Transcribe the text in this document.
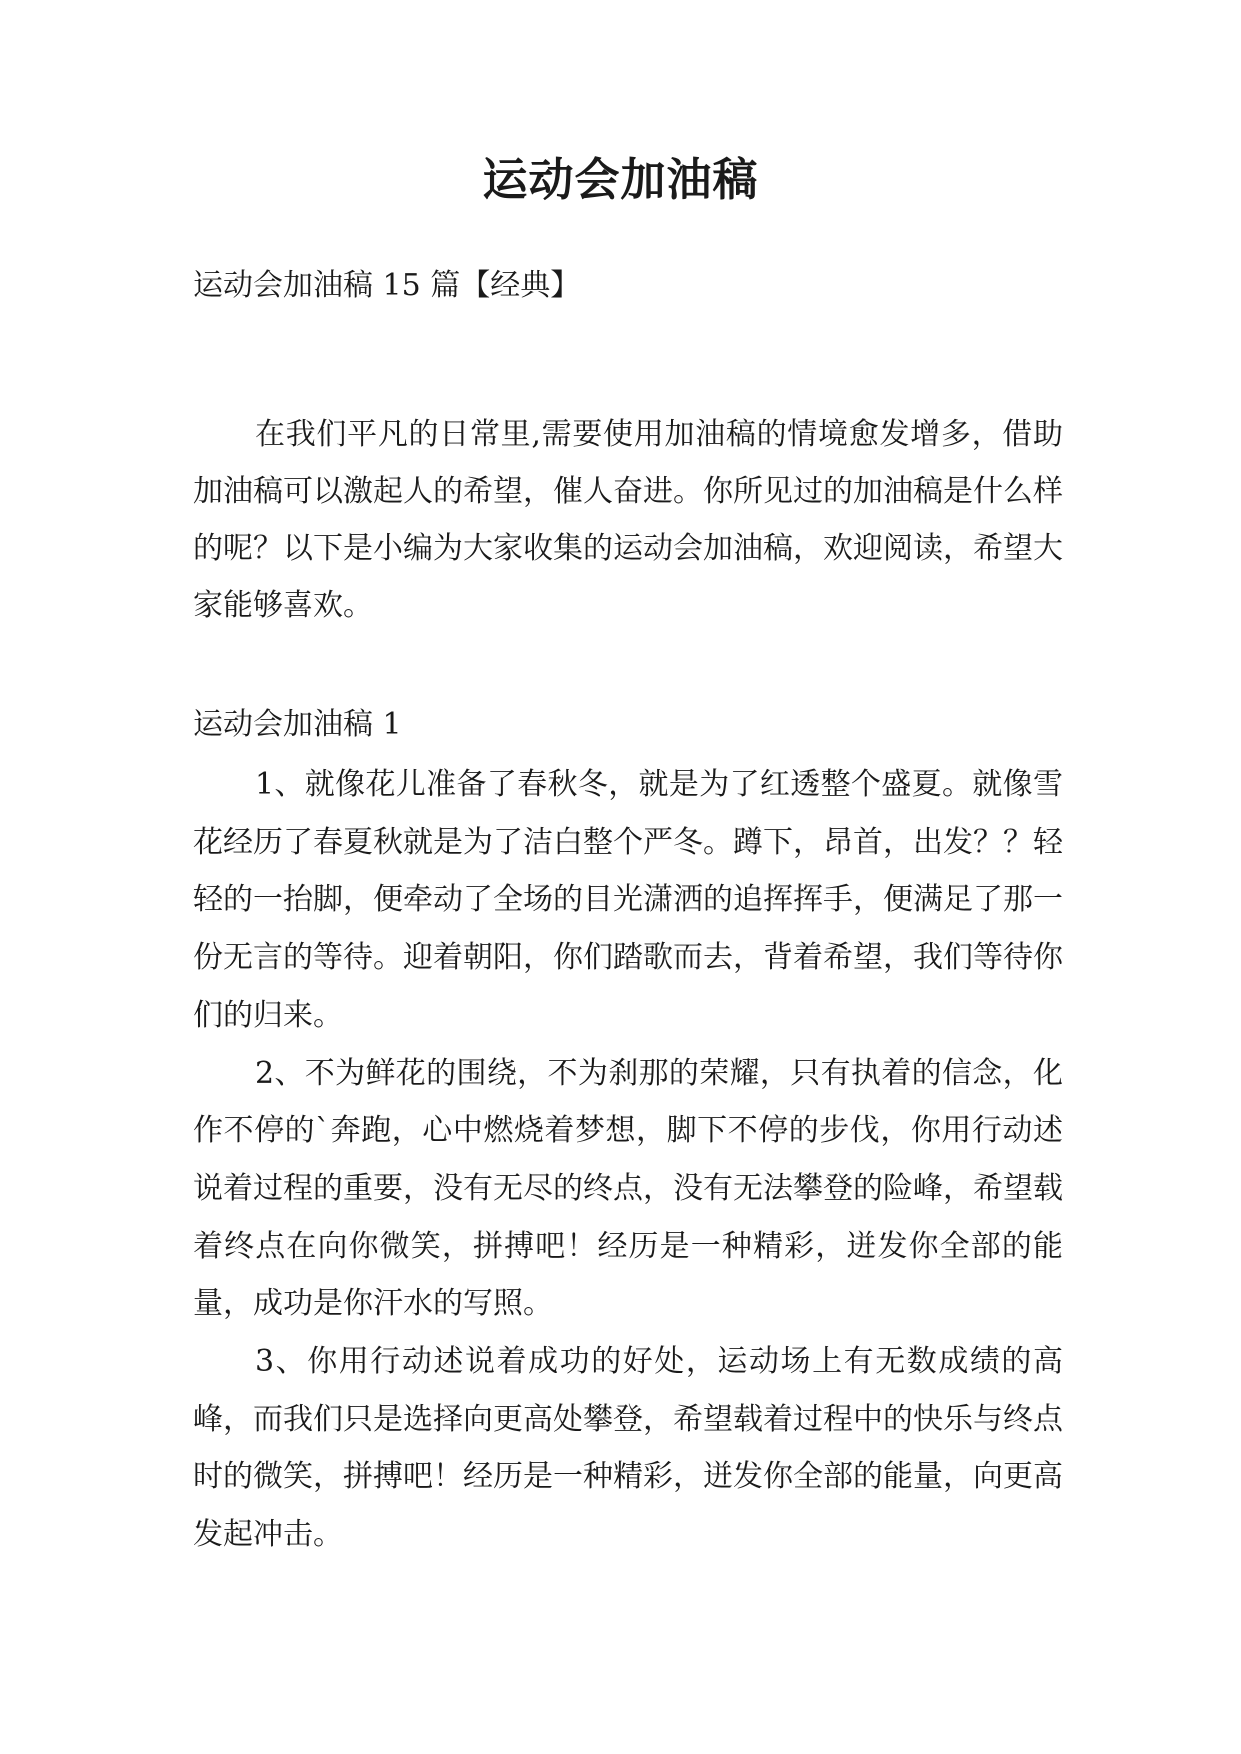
运动会加油稿

运动会加油稿 15 篇【经典】

在我们平凡的日常里,需要使用加油稿的情境愈发增多，借助加油稿可以激起人的希望，催人奋进。你所见过的加油稿是什么样的呢？以下是小编为大家收集的运动会加油稿，欢迎阅读，希望大家能够喜欢。

运动会加油稿 1

1、就像花儿准备了春秋冬，就是为了红透整个盛夏。就像雪花经历了春夏秋就是为了洁白整个严冬。蹲下，昂首，出发？？轻轻的一抬脚，便牵动了全场的目光潇洒的追挥挥手，便满足了那一份无言的等待。迎着朝阳，你们踏歌而去，背着希望，我们等待你们的归来。

2、不为鲜花的围绕，不为刹那的荣耀，只有执着的信念，化作不停的`奔跑，心中燃烧着梦想，脚下不停的步伐，你用行动述说着过程的重要，没有无尽的终点，没有无法攀登的险峰，希望载着终点在向你微笑，拼搏吧！经历是一种精彩，迸发你全部的能量，成功是你汗水的写照。

3、你用行动述说着成功的好处，运动场上有无数成绩的高峰，而我们只是选择向更高处攀登，希望载着过程中的快乐与终点时的微笑，拼搏吧！经历是一种精彩，迸发你全部的能量，向更高发起冲击。
